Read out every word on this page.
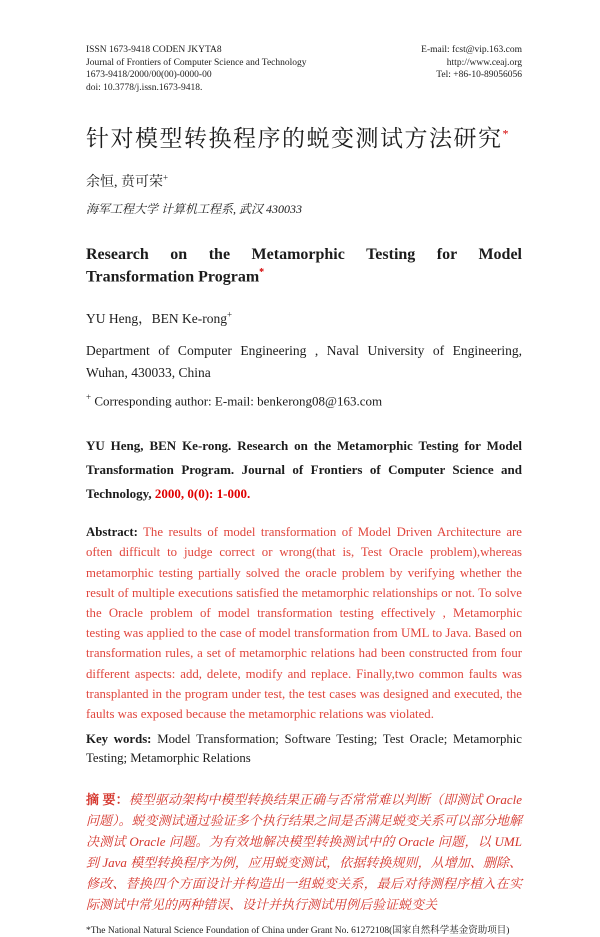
ISSN 1673-9418 CODEN JKYTA8
Journal of Frontiers of Computer Science and Technology
1673-9418/2000/00(00)-0000-00
doi: 10.3778/j.issn.1673-9418.
E-mail: fcst@vip.163.com
http://www.ceaj.org
Tel: +86-10-89056056
针对模型转换程序的蜕变测试方法研究*
余恒, 贲可荣+
海军工程大学 计算机工程系, 武汉 430033
Research on the Metamorphic Testing for Model Transformation Program*
YU Heng，BEN Ke-rong+
Department of Computer Engineering , Naval University of Engineering, Wuhan, 430033, China
+ Corresponding author: E-mail: benkerong08@163.com
YU Heng, BEN Ke-rong. Research on the Metamorphic Testing for Model Transformation Program. Journal of Frontiers of Computer Science and Technology, 2000, 0(0): 1-000.
Abstract: The results of model transformation of Model Driven Architecture are often difficult to judge correct or wrong(that is, Test Oracle problem),whereas metamorphic testing partially solved the oracle problem by verifying whether the result of multiple executions satisfied the metamorphic relationships or not. To solve the Oracle problem of model transformation testing effectively , Metamorphic testing was applied to the case of model transformation from UML to Java. Based on transformation rules, a set of metamorphic relations had been constructed from four different aspects: add, delete, modify and replace. Finally,two common faults was transplanted in the program under test, the test cases was designed and executed, the faults was exposed because the metamorphic relations was violated.
Key words: Model Transformation; Software Testing; Test Oracle; Metamorphic Testing; Metamorphic Relations
摘 要：模型驱动架构中模型转换结果正确与否常常难以判断（即测试 Oracle 问题）。蜕变测试通过验证多个执行结果之间是否满足蜕变关系可以部分地解决测试 Oracle 问题。为有效地解决模型转换测试中的 Oracle 问题，以 UML 到 Java 模型转换程序为例，应用蜕变测试，依据转换规则，从增加、删除、修改、替换四个方面设计并构造出一组蜕变关系，最后对待测程序植入在实际测试中常见的两种错误、设计并执行测试用例后验证蜕变关
*The National Natural Science Foundation of China under Grant No. 61272108(国家自然科学基金资助项目)
